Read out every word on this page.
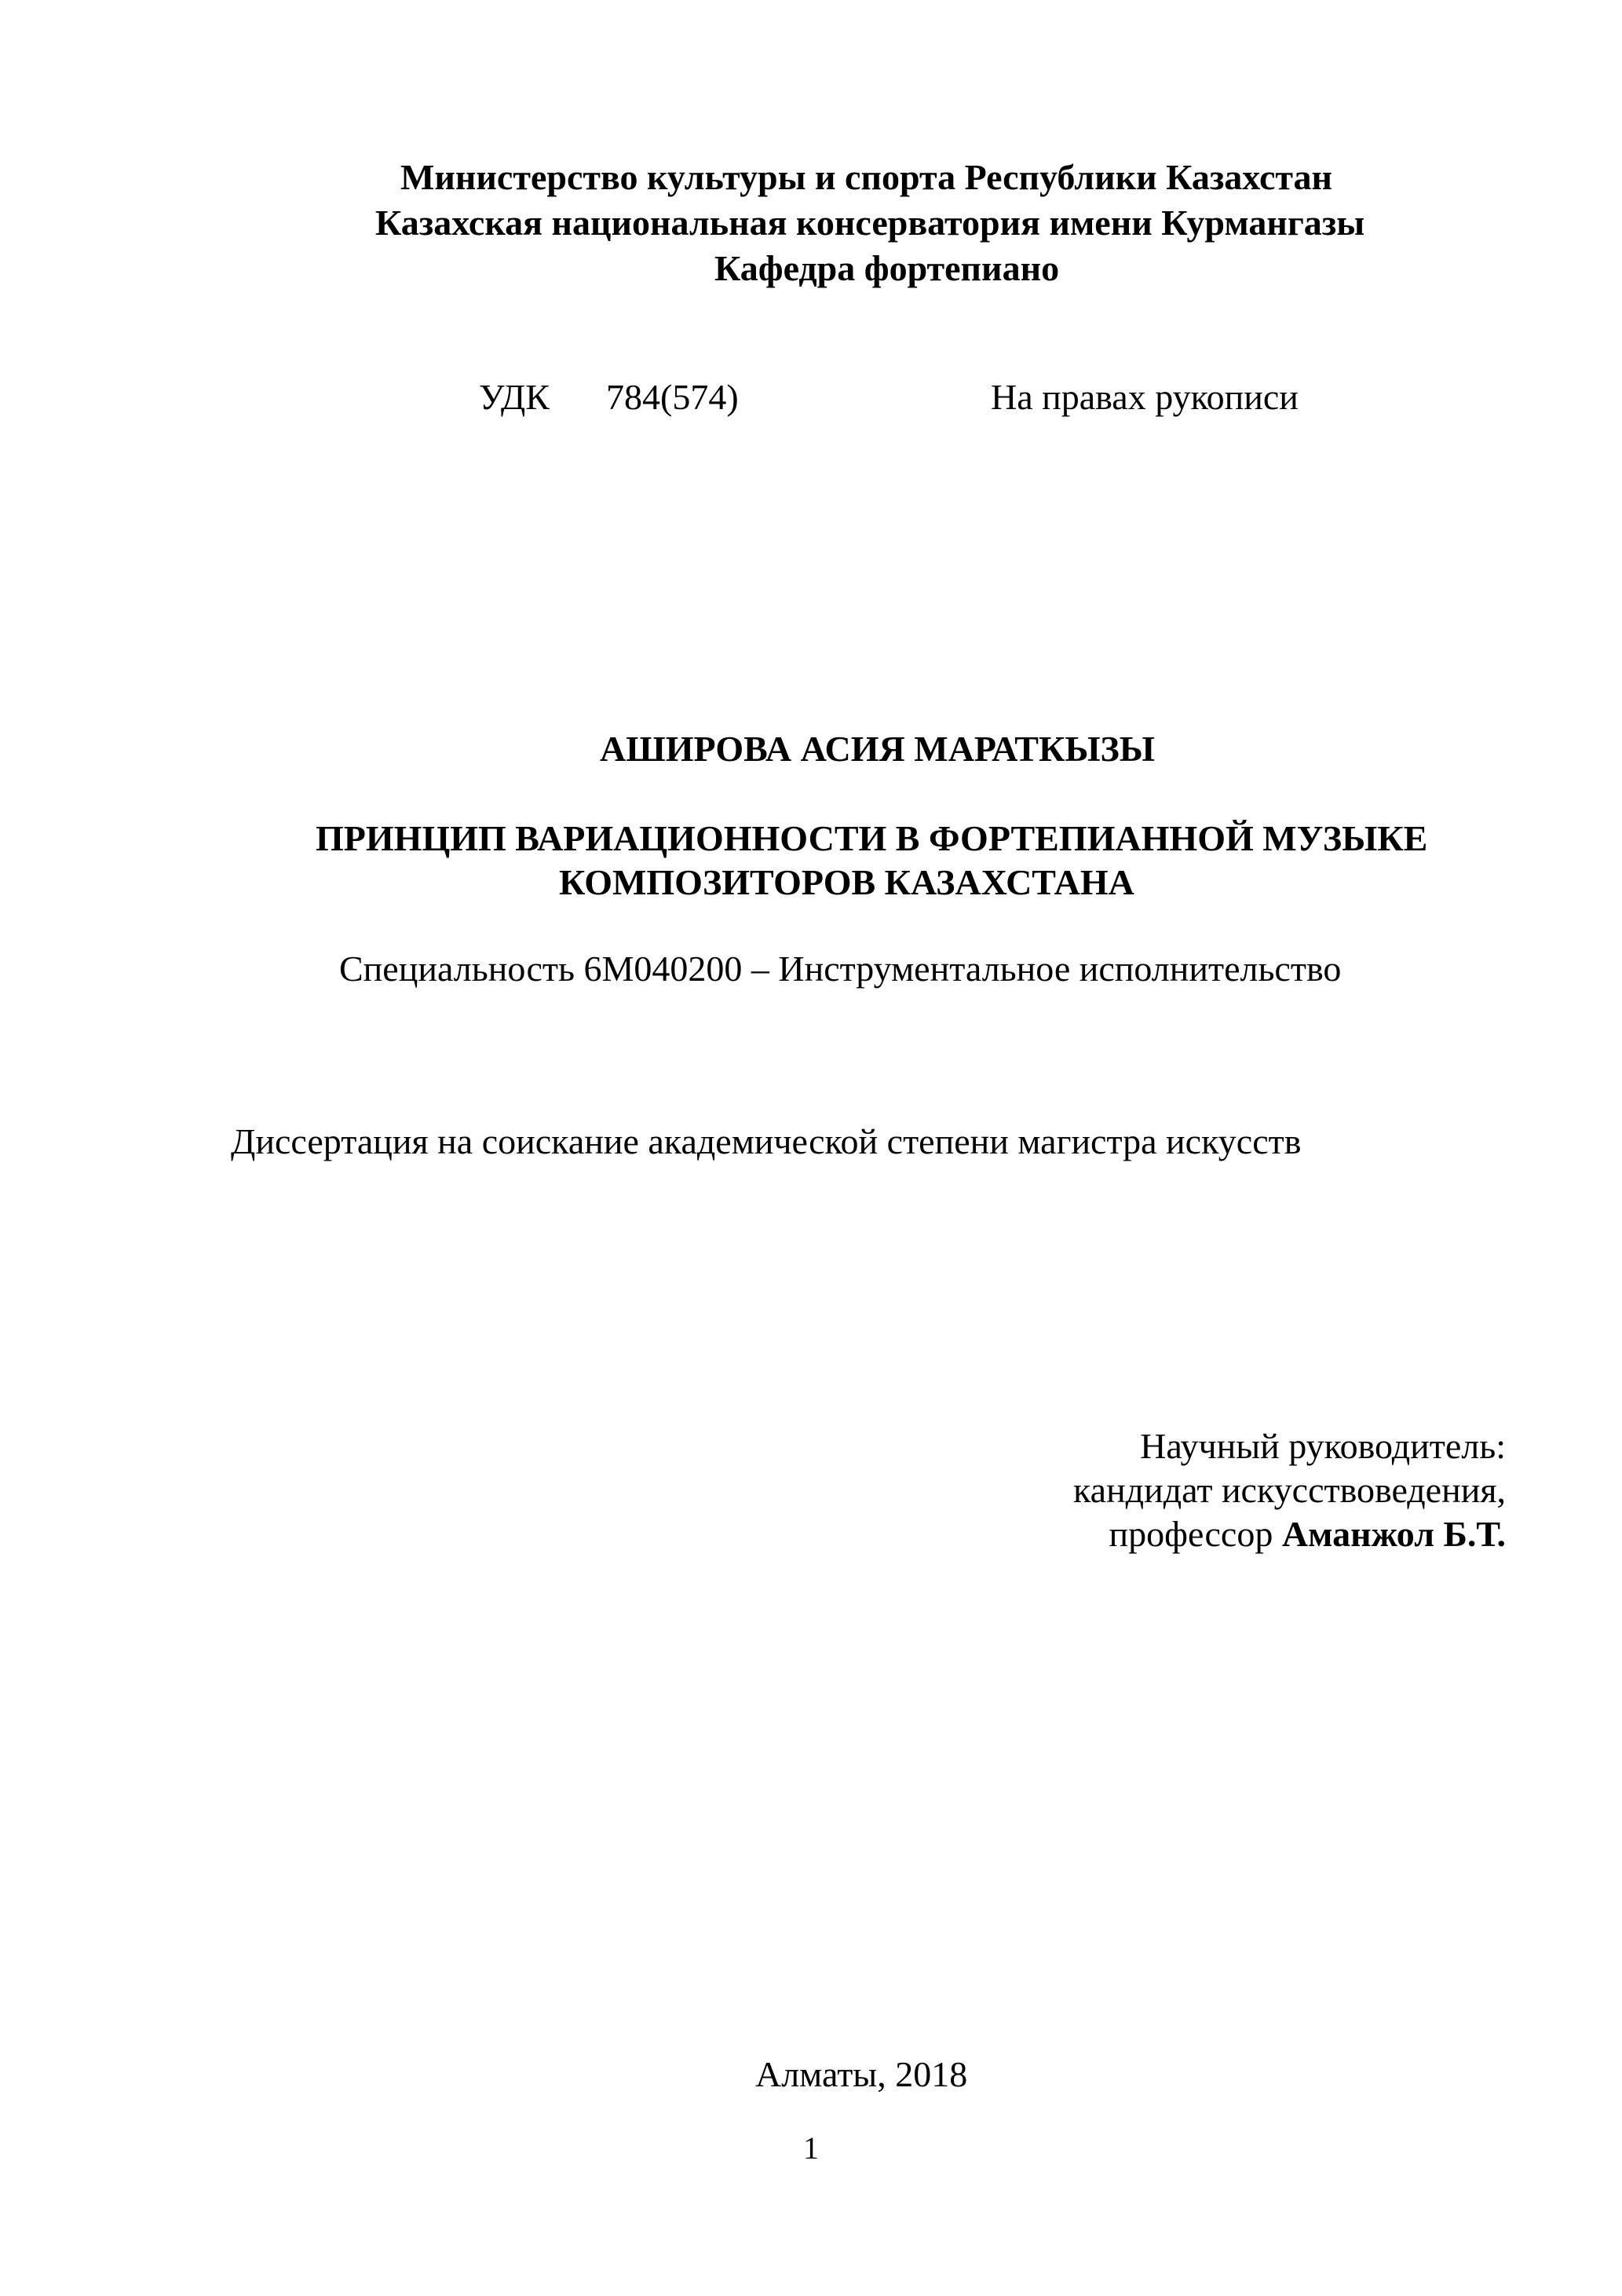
Министерство культуры и спорта Республики Казахстан
Казахская национальная консерватория имени Курмангазы
Кафедра фортепиано
УДК 784(574)	На правах рукописи
АШИРОВА АСИЯ МАРАТКЫЗЫ
ПРИНЦИП ВАРИАЦИОННОСТИ В ФОРТЕПИАННОЙ МУЗЫКЕ
КОМПОЗИТОРОВ КАЗАХСТАНА
Специальность 6М040200 – Инструментальное исполнительство
Диссертация на соискание академической степени магистра искусств
Научный руководитель:
кандидат искусствоведения,
профессор Аманжол Б.Т.
Алматы, 2018
1
